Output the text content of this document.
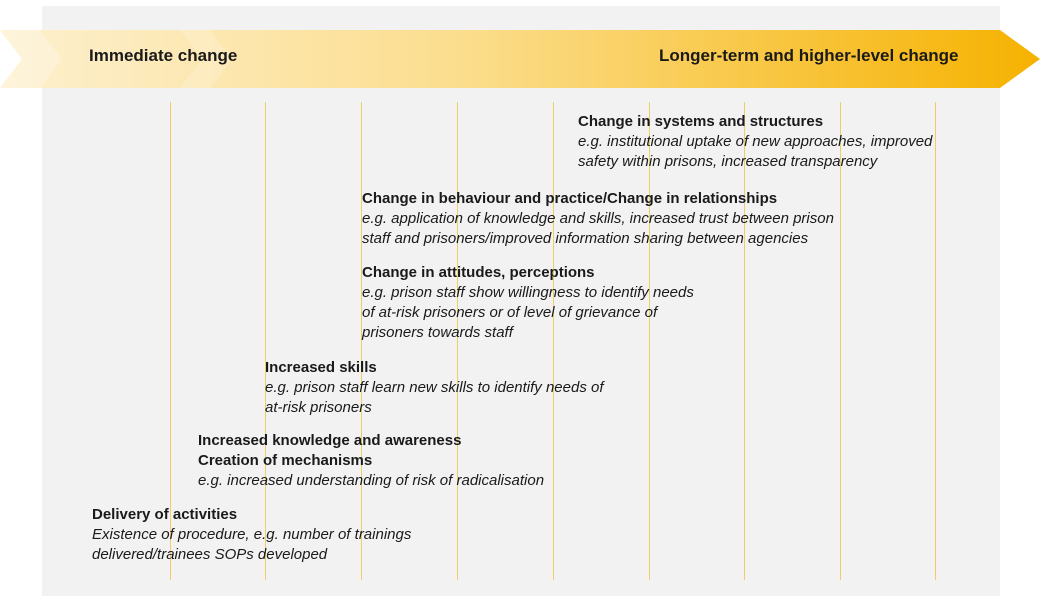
Immediate change	Longer-term and higher-level change
Change in systems and structures
e.g. institutional uptake of new approaches, improved
safety within prisons, increased transparency
Change in behaviour and practice/Change in relationships
e.g. application of knowledge and skills, increased trust between prison
staff and prisoners/improved information sharing between agencies
Change in attitudes, perceptions
e.g. prison staff show willingness to identify needs
of at-risk prisoners or of level of grievance of
prisoners towards staff
Increased skills
e.g. prison staff learn new skills to identify needs of
at-risk prisoners
Increased knowledge and awareness
Creation of mechanisms
e.g. increased understanding of risk of radicalisation
Delivery of activities
Existence of procedure, e.g. number of trainings
delivered/trainees SOPs developed
